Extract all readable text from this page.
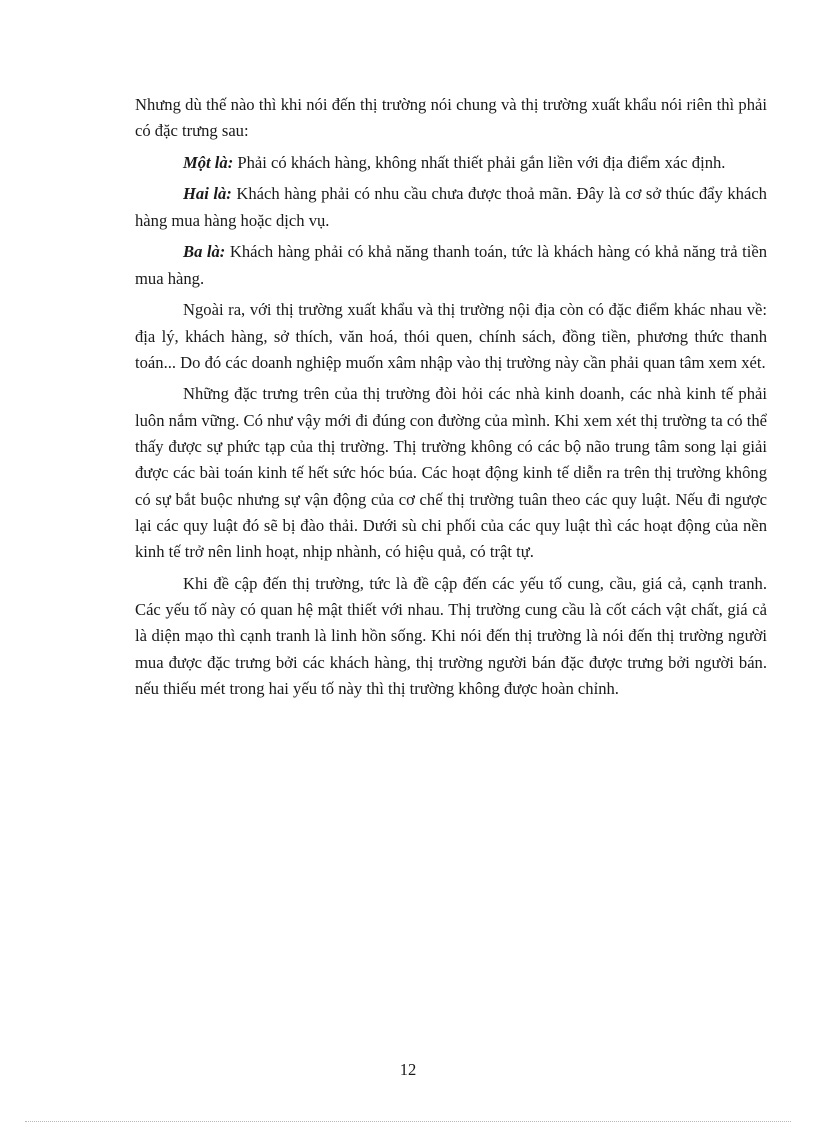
Nhưng dù thế nào thì khi nói đến thị trường nói chung và thị trường xuất khẩu nói riên thì phải có đặc trưng sau:

Một là: Phải có khách hàng, không nhất thiết phải gắn liền với địa điểm xác định.

Hai là: Khách hàng phải có nhu cầu chưa được thoả mãn. Đây là cơ sở thúc đẩy khách hàng mua hàng hoặc dịch vụ.

Ba là: Khách hàng phải có khả năng thanh toán, tức là khách hàng có khả năng trả tiền mua hàng.

Ngoài ra, với thị trường xuất khẩu và thị trường nội địa còn có đặc điểm khác nhau về: địa lý, khách hàng, sở thích, văn hoá, thói quen, chính sách, đồng tiền, phương thức thanh toán... Do đó các doanh nghiệp muốn xâm nhập vào thị trường này cần phải quan tâm xem xét.

Những đặc trưng trên của thị trường đòi hỏi các nhà kinh doanh, các nhà kinh tế phải luôn nắm vững. Có như vậy mới đi đúng con đường của mình. Khi xem xét thị trường ta có thể thấy được sự phức tạp của thị trường. Thị trường không có các bộ não trung tâm song lại giải được các bài toán kinh tế hết sức hóc búa. Các hoạt động kinh tế diễn ra trên thị trường không có sự bắt buộc nhưng sự vận động của cơ chế thị trường tuân theo các quy luật. Nếu đi ngược lại các quy luật đó sẽ bị đào thải. Dưới sù chi phối của các quy luật thì các hoạt động của nền kinh tế trở nên linh hoạt, nhịp nhành, có hiệu quả, có trật tự.

Khi đề cập đến thị trường, tức là đề cập đến các yếu tố cung, cầu, giá cả, cạnh tranh. Các yếu tố này có quan hệ mật thiết với nhau. Thị trường cung cầu là cốt cách vật chất, giá cả là diện mạo thì cạnh tranh là linh hồn sống. Khi nói đến thị trường là nói đến thị trường người mua được đặc trưng bởi các khách hàng, thị trường người bán đặc được trưng bởi người bán. nếu thiếu mét trong hai yếu tố này thì thị trường không được hoàn chỉnh.

12
